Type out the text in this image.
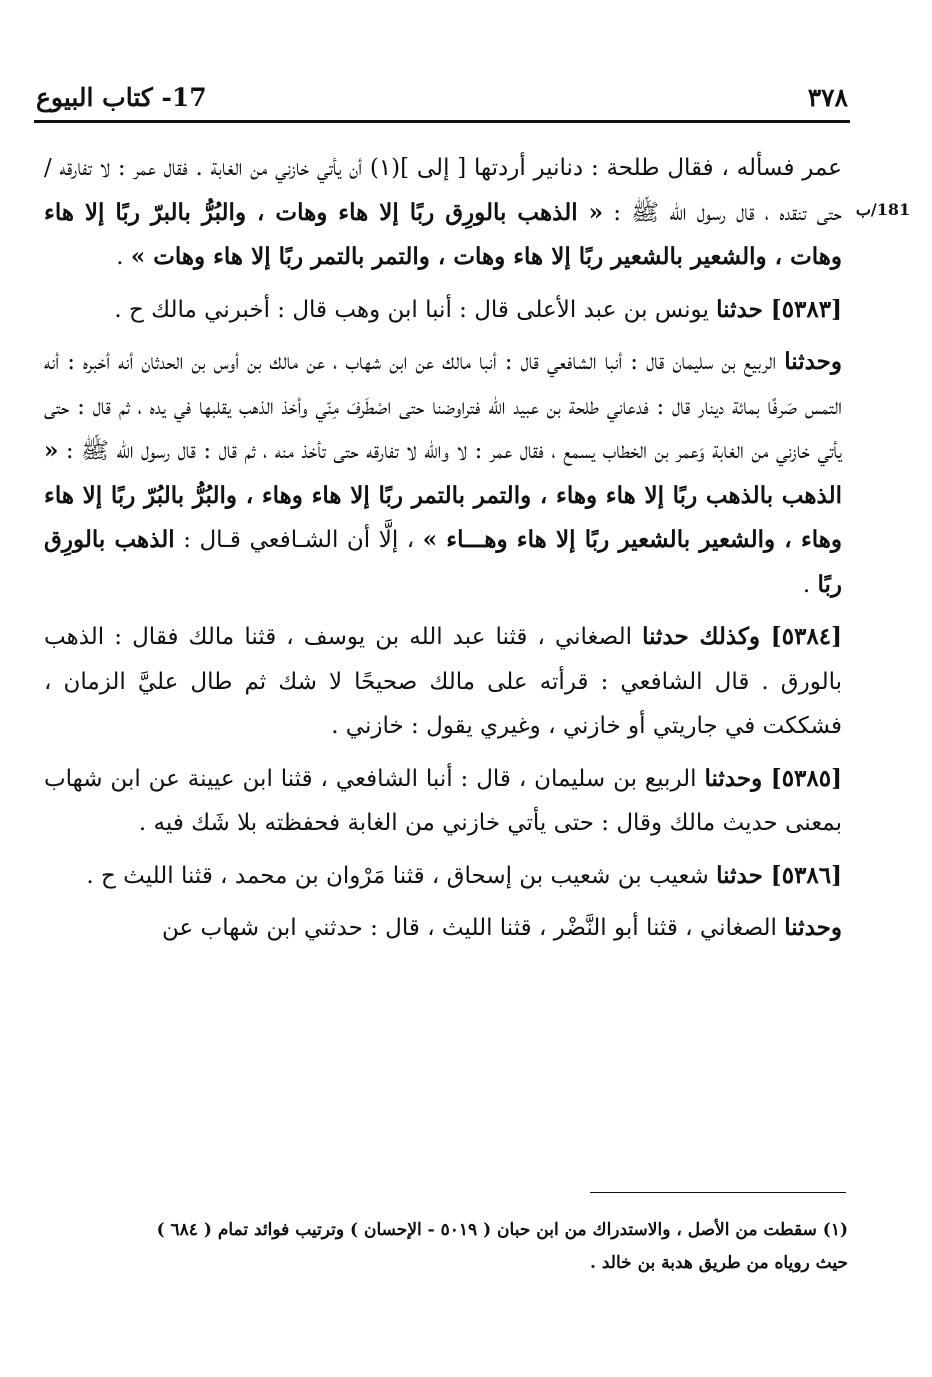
٣٧٨
17- كتاب البيوع
181/ب

عمر فسأله ، فقال طلحة : دنانير أردتها [ إلى ](١) أن يأتي خازني من الغابة . فقال عمر : لا تفارقه / حتى تنقده ، قال رسول الله ﷺ : « الذهب بالورِق ربًا إلا هاء وهات ، والبُرُّ بالبرّ ربًا إلا هاء وهات ، والشعير بالشعير ربًا إلا هاء وهات ، والتمر بالتمر ربًا إلا هاء وهات » .

[٥٣٨٣] حدثنا يونس بن عبد الأعلى قال : أنبا ابن وهب قال : أخبرني مالك ح .

وحدثنا الربيع بن سليمان قال : أنبا الشافعي قال : أنبا مالك عن ابن شهاب ، عن مالك بن أوس بن الحدثان أنه أخبره : أنه التمس صَرفًا بمائة دينار قال : فدعاني طلحة بن عبيد الله فتراوضنا حتى اصْطَرفَ مِنّي وأخذ الذهب يقلبها في يده ، ثم قال : حتى يأتي خازني من الغابة وَعمر بن الخطاب يسمع ، فقال عمر : لا والله لا تفارقه حتى تأخذ منه ، ثم قال : قال رسول الله ﷺ : « الذهب بالذهب ربًا إلا هاء وهاء ، والتمر بالتمر ربًا إلا هاء وهاء ، والبُرُّ بالبُرّ ربًا إلا هاء وهاء ، والشعير بالشعير ربًا إلا هاء وهـــاء » ، إلَّا أن الشـافعي قـال : الذهب بالورِق ربًا .

[٥٣٨٤] وكذلك حدثنا الصغاني ، قثنا عبد الله بن يوسف ، قثنا مالك فقال : الذهب بالورق . قال الشافعي : قرأته على مالك صحيحًا لا شك ثم طال عليَّ الزمان ، فشككت في جاريتي أو خازني ، وغيري يقول : خازني .

[٥٣٨٥] وحدثنا الربيع بن سليمان ، قال : أنبا الشافعي ، قثنا ابن عيينة عن ابن شهاب بمعنى حديث مالك وقال : حتى يأتي خازني من الغابة فحفظته بلا شَك فيه .

[٥٣٨٦] حدثنا شعيب بن شعيب بن إسحاق ، قثنا مَرْوان بن محمد ، قثنا الليث ح .

وحدثنا الصغاني ، قثنا أبو النَّضْر ، قثنا الليث ، قال : حدثني ابن شهاب عن

(١) سقطت من الأصل ، والاستدراك من ابن حبان ( ٥٠١٩ - الإحسان ) وترتيب فوائد تمام ( ٦٨٤ )

حيث روياه من طريق هدبة بن خالد .
